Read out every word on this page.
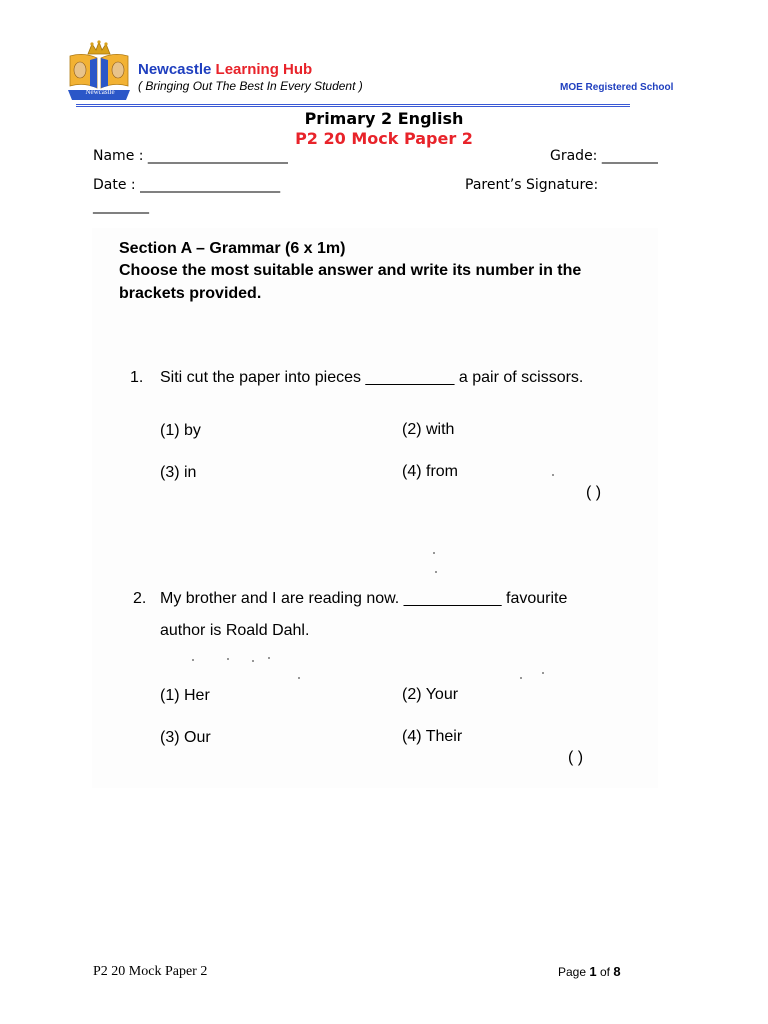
Newcastle
Newcastle Learning Hub
( Bringing Out The Best In Every Student )	MOE Registered School
Primary 2 English
P2 20 Mock Paper 2
Name : ____________________	Grade: ________
Date : ____________________	Parent’s Signature:
________
Section A – Grammar (6 x 1m)
Choose the most suitable answer and write its number in the
brackets provided.
1. Siti cut the paper into pieces __________ a pair of scissors.
(1) by	(2) with
(3) in	(4) from
( )
2. My brother and I are reading now. ___________ favourite
author is Roald Dahl.
(1) Her	(2) Your
(3) Our	(4) Their
( )
P2 20 Mock Paper 2	Page 1 of 8
